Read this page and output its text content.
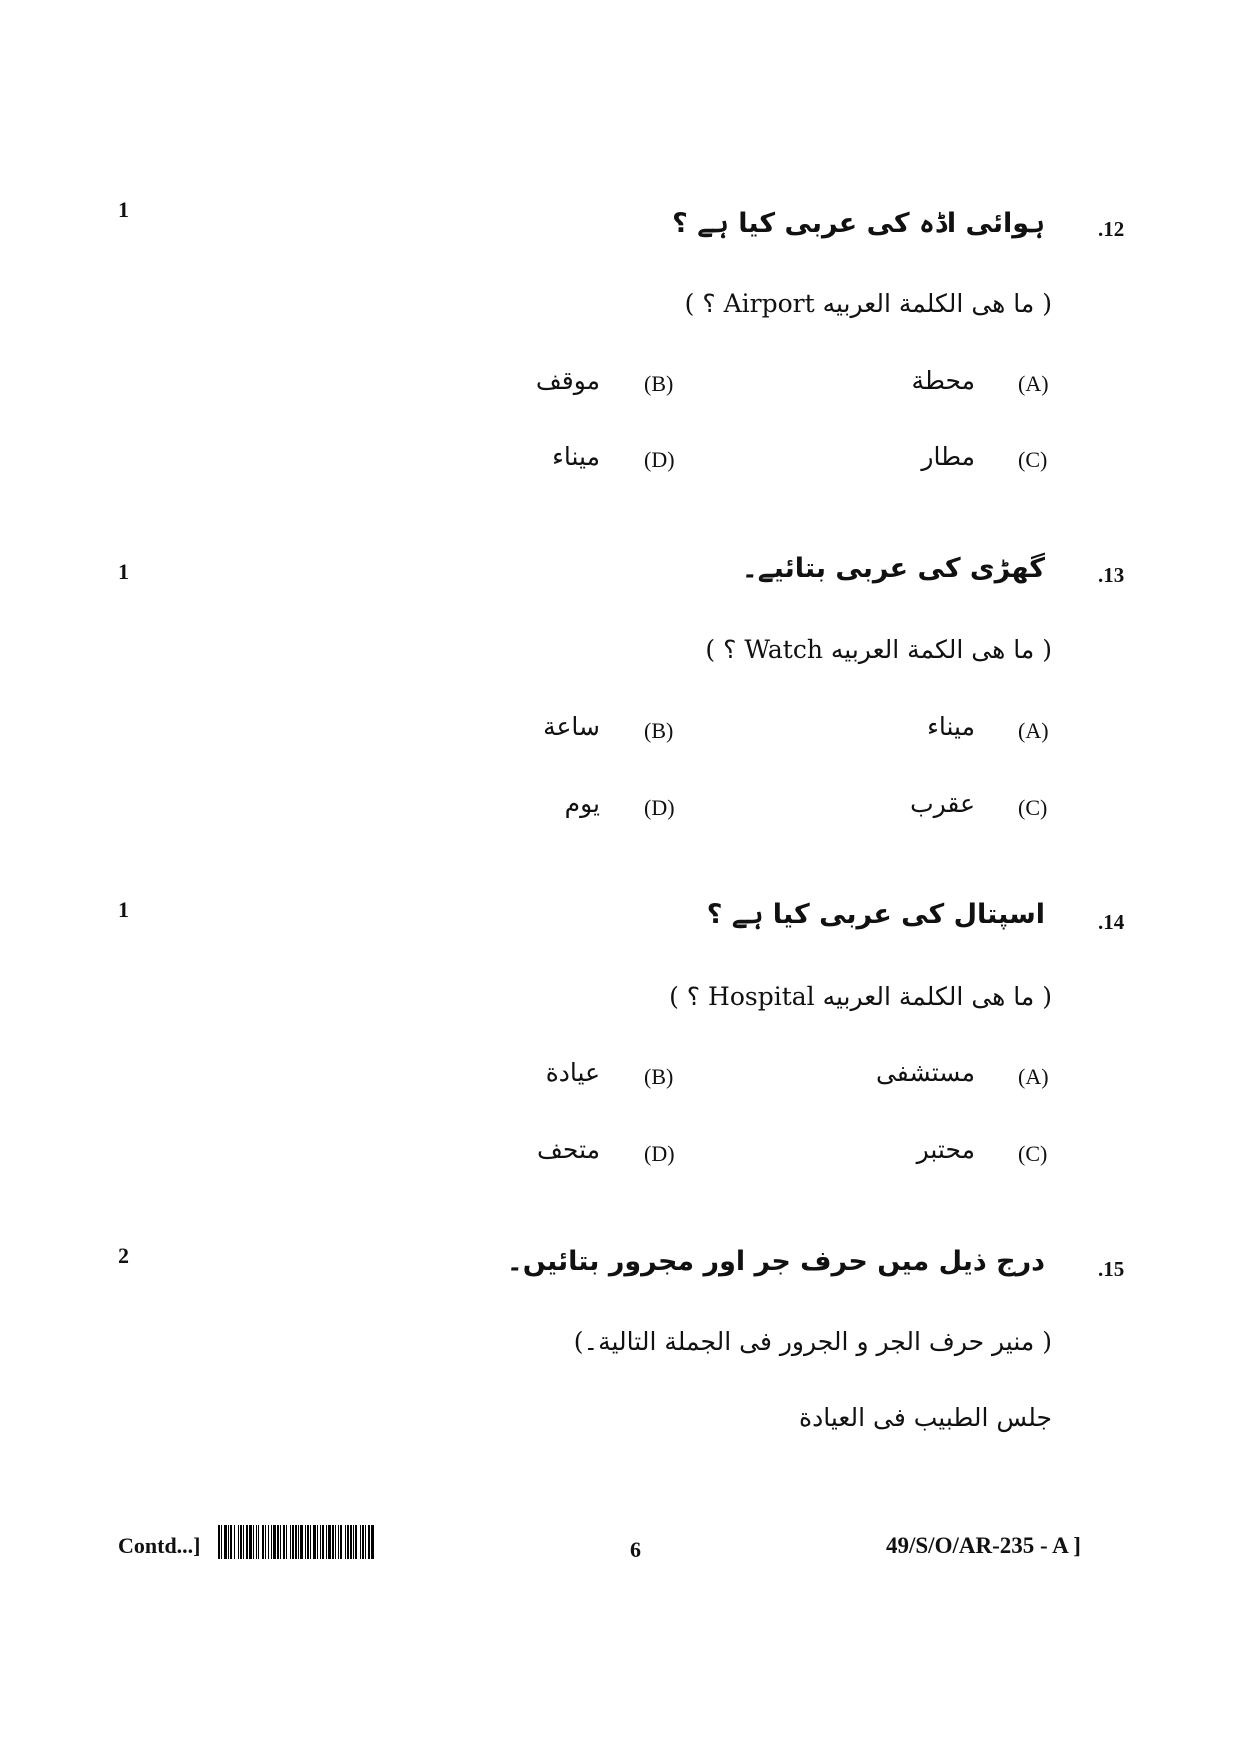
1
.12
ہوائی اڈہ کی عربی کیا ہے ؟
( ما ھی الکلمة العربیه Airport ؟ )
(A)
محطة
(B)
موقف
(C)
مطار
(D)
میناء
1	.13
گھڑی کی عربی بتائیے۔
( ما ھی الکمة العربیه Watch ؟ )
(A)
میناء
(B)
ساعة
(C)
عقرب
(D)
یوم
1	.14
اسپتال کی عربی کیا ہے ؟
( ما ھی الکلمة العربیه Hospital ؟ )
(A)
مستشفی
(B)
عیادة
(C)
محتبر
(D)
متحف
2
.15
درج ذیل میں حرف جر اور مجرور بتائیں۔
( منیر حرف الجر و الجرور فی الجملة التالیة۔)
جلس الطبیب فی العیادة
Contd...]	6	49/S/O/AR-235 - A ]
